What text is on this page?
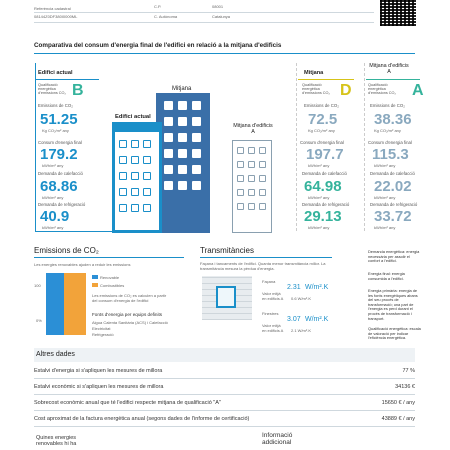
Referència cadastral
08144Z0DF380I0000ML
C.P.	08001
C. Autònoma	Catalunya
Comparativa del consum d'energia final de l'edifici en relació a la mitjana d'edificis
Edifici actual
Qualificació energètica d'emissions CO₂ B
Emissions de CO₂
51.25
Kg CO₂/m² any
Consum d'energia final
179.2
kWh/m² any
Demanda de calefacció
68.86
kWh/m² any
Demanda de refrigeració
40.9
kWh/m² any
Mitjana
Edifici actual
Mitjana d'edificis A
Mitjana
Qualificació energètica d'emissions CO₂ D
Emissions de CO₂
72.5
Kg CO₂/m² any
Consum d'energia final
197.7
kWh/m² any
Demanda de calefacció
64.98
kWh/m² any
Demanda de refrigeració
29.13
kWh/m² any
Mitjana d'edificis A
Qualificació energètica d'emissions CO₂	A
Emissions de CO₂
38.36
Kg CO₂/m² any
Consum d'energia final
115.3
kWh/m² any
Demanda de calefacció
22.02
kWh/m² any
Demanda de refrigeració
33.72
kWh/m² any
Emissions de CO₂
Les energies renovables ajuden a reduir les emissions
100
0%
Renovable
Combustibles
Les emissions de CO₂ es calculen a partir del consum d'energia de l'edifici
Fonts d'energia per equips definits
Aigua Calenta Sanitària (ACS) i Calefacció
Electricitat
Refrigeració
Transmitàncies
Façana i tancaments de l'edifici. Quanta menor transmitància millor. La transmitància mesura la pèrdua d'energia.
Façana
2.31 W/m².K
Valor mitjà en edificis A	0.6 W/m².K
Finestres
3.07 W/m².K
Valor mitjà en edificis A	2.1 W/m².K
Demanda energètica: energia necessària per assolir el confort a l'edifici.
Energia final: energia consumida a l'edifici.
Energia primària: energia de les fonts energètiques abans del seu procés de transformació; una part de l'energia es perd durant el procés de transformació i transport.
Qualificació energètica: escala de valoració per indicar l'eficiència energètica.
Altres dades
Estalvi d'energia si s'apliquen les mesures de millora	77 %
Estalvi econòmic si s'apliquen les mesures de millora	34136 €
Sobrecost econòmic anual que té l'edifici respecte mitjana de qualificació "A"	15650 € / any
Cost aproximat de la factura energètica anual (segons dades de l'informe de certificació)	43889 € / any
Quines energies renovables hi ha
Informació addicional
